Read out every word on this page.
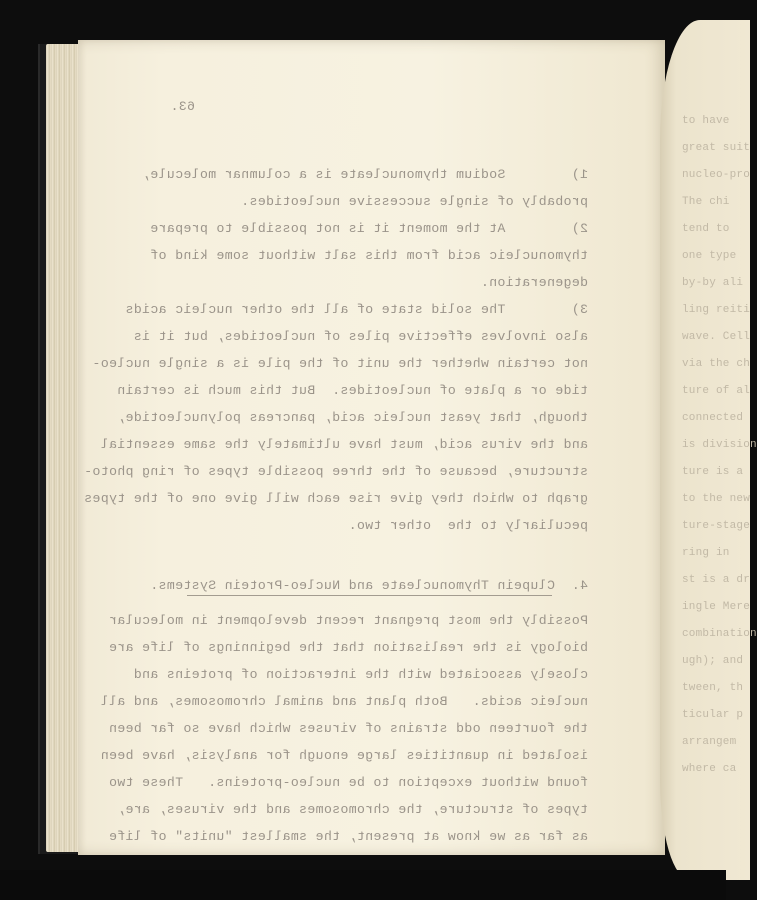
63.
1)        Sodium thymonucleate is a columnar molecule,
probably of single successive nucleotides.
2)        At the moment it is not possible to prepare
thymonucleic acid from this salt without some kind of
degeneration.
3)        The solid state of all the other nucleic acids
also involves effective piles of nucleotides, but it is
not certain whether the unit of the pile is a single nucleo-
tide or a plate of nucleotides.  But this much is certain
though, that yeast nucleic acid, pancreas polynucleotide,
and the virus acid, must have ultimately the same essential
structure, because of the three possible types of ring photo-
graph to which they give rise each will give one of the types
peculiarly to the  other two.
4.  Clupein Thymonucleate and Nucleo-Protein Systems.
Possibly the most pregnant recent development in molecular
biology is the realisation that the beginnings of life are
closely associated with the interaction of proteins and
nucleic acids.   Both plant and animal chromosomes, and all
the fourteen odd strains of viruses which have so far been
isolated in quantities large enough for analysis, have been
found without exception to be nucleo-proteins.   These two
types of structure, the chromosomes and the viruses, are,
as far as we know at present, the smallest "units" of life
to have
great suit
nucleo-pro
The chi
tend to
one type
by-by ali
ling reiti
wave. Cell
via the ch
ture of al
connected
is division
ture is a
to the new
ture-stage
ring in
st is a dr
ingle Mere
combination
ugh); and
tween, th
ticular p
arrangem
where ca
